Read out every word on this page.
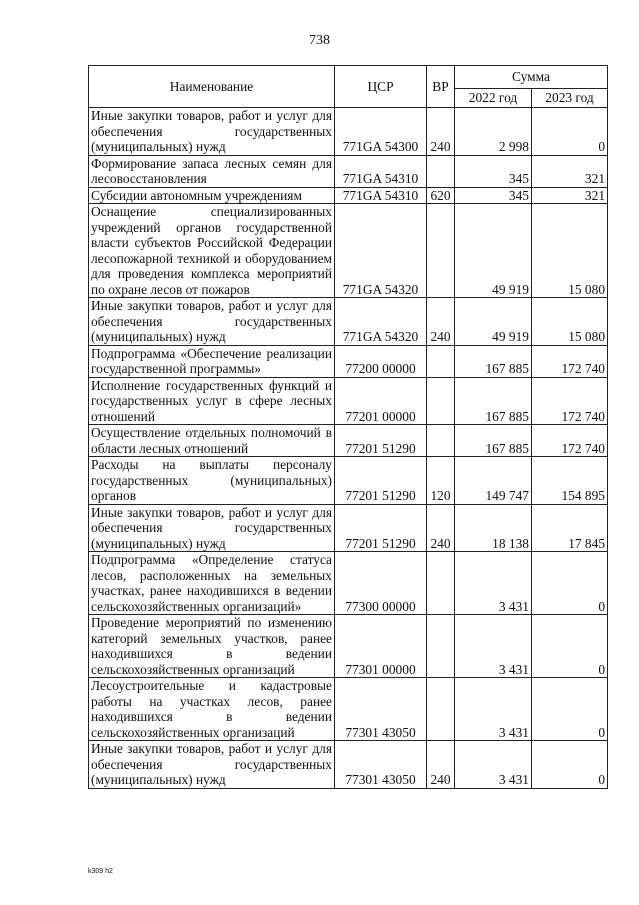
738
Наименование	ЦСР	ВР	Сумма	
			2022 год	2023 год
Иные закупки товаров, работ и услуг для обеспечения государственных (муниципальных) нужд	771GA 54300	240	2 998	0
Формирование запаса лесных семян для лесовосстановления	771GA 54310		345	321
Субсидии автономным учреждениям	771GA 54310	620	345	321
Оснащение специализированных учреждений органов государственной власти субъектов Российской Федерации лесопожарной техникой и оборудованием для проведения комплекса мероприятий по охране лесов от пожаров	771GA 54320		49 919	15 080
Иные закупки товаров, работ и услуг для обеспечения государственных (муниципальных) нужд	771GA 54320	240	49 919	15 080
Подпрограмма «Обеспечение реализации государственной программы»	77200 00000		167 885	172 740
Исполнение государственных функций и государственных услуг в сфере лесных отношений	77201 00000		167 885	172 740
Осуществление отдельных полномочий в области лесных отношений	77201 51290		167 885	172 740
Расходы на выплаты персоналу государственных (муниципальных) органов	77201 51290	120	149 747	154 895
Иные закупки товаров, работ и услуг для обеспечения государственных (муниципальных) нужд	77201 51290	240	18 138	17 845
Подпрограмма «Определение статуса лесов, расположенных на земельных участках, ранее находившихся в ведении сельскохозяйственных организаций»	77300 00000		3 431	0
Проведение мероприятий по изменению категорий земельных участков, ранее находившихся в ведении сельскохозяйственных организаций	77301 00000		3 431	0
Лесоустроительные и кадастровые работы на участках лесов, ранее находившихся в ведении сельскохозяйственных организаций	77301 43050		3 431	0
Иные закупки товаров, работ и услуг для обеспечения государственных (муниципальных) нужд	77301 43050	240	3 431	0
k309 h2
